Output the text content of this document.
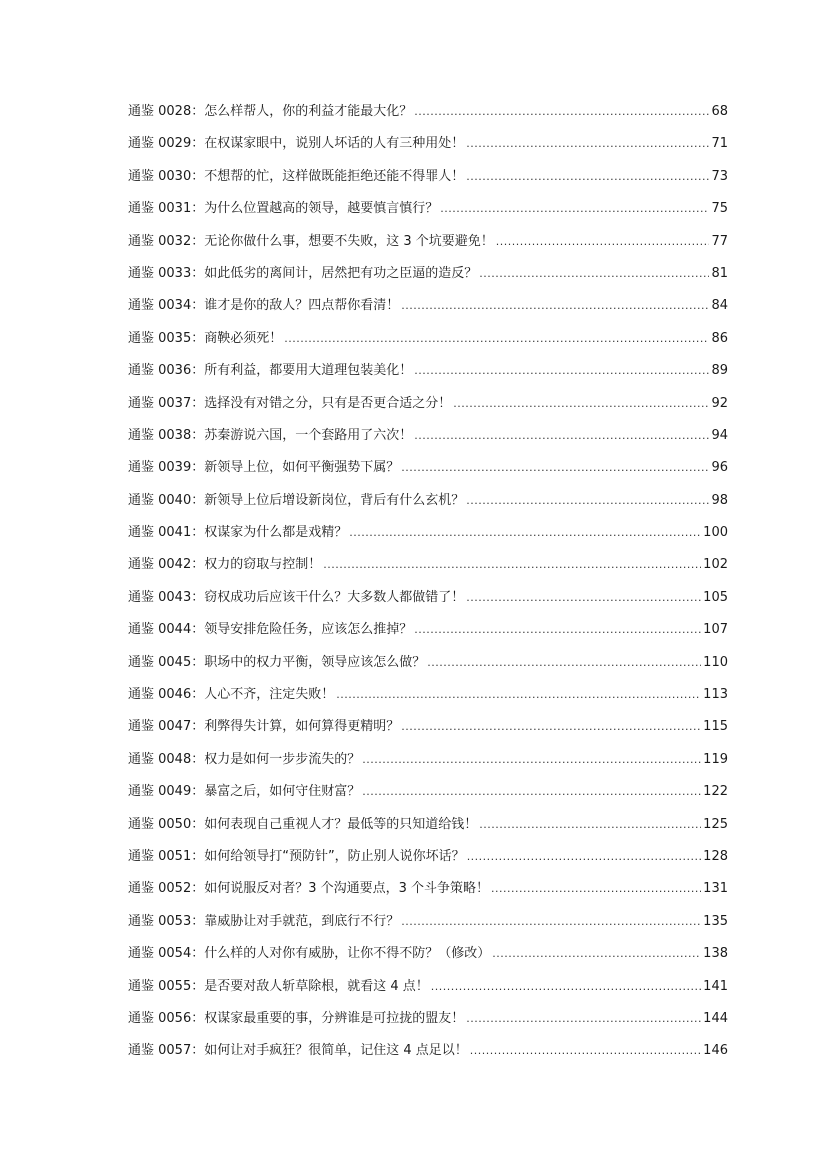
通鉴 0028：怎么样帮人，你的利益才能最大化？ .....	68
通鉴 0029：在权谋家眼中，说别人坏话的人有三种用处！ .....	71
通鉴 0030：不想帮的忙，这样做既能拒绝还能不得罪人！ .....	73
通鉴 0031：为什么位置越高的领导，越要慎言慎行？ .....	75
通鉴 0032：无论你做什么事，想要不失败，这 3 个坑要避免！ .....	77
通鉴 0033：如此低劣的离间计，居然把有功之臣逼的造反？ .....	81
通鉴 0034：谁才是你的敌人？四点帮你看清！ .....	84
通鉴 0035：商鞅必须死！ .....	86
通鉴 0036：所有利益，都要用大道理包装美化！ .....	89
通鉴 0037：选择没有对错之分，只有是否更合适之分！ .....	92
通鉴 0038：苏秦游说六国，一个套路用了六次！ .....	94
通鉴 0039：新领导上位，如何平衡强势下属？ .....	96
通鉴 0040：新领导上位后增设新岗位，背后有什么玄机？ .....	98
通鉴 0041：权谋家为什么都是戏精？ .....	100
通鉴 0042：权力的窃取与控制！ .....	102
通鉴 0043：窃权成功后应该干什么？大多数人都做错了！ .....	105
通鉴 0044：领导安排危险任务，应该怎么推掉？ .....	107
通鉴 0045：职场中的权力平衡，领导应该怎么做？ .....	110
通鉴 0046：人心不齐，注定失败！ .....	113
通鉴 0047：利弊得失计算，如何算得更精明？ .....	115
通鉴 0048：权力是如何一步步流失的？ .....	119
通鉴 0049：暴富之后，如何守住财富？ .....	122
通鉴 0050：如何表现自己重视人才？最低等的只知道给钱！ .....	125
通鉴 0051：如何给领导打“预防针”，防止别人说你坏话？ .....	128
通鉴 0052：如何说服反对者？3 个沟通要点，3 个斗争策略！ .....	131
通鉴 0053：靠威胁让对手就范，到底行不行？ .....	135
通鉴 0054：什么样的人对你有威胁，让你不得不防？（修改） .....	138
通鉴 0055：是否要对敌人斩草除根，就看这 4 点！ .....	141
通鉴 0056：权谋家最重要的事，分辨谁是可拉拢的盟友！ .....	144
通鉴 0057：如何让对手疯狂？很简单，记住这 4 点足以！ .....	146
